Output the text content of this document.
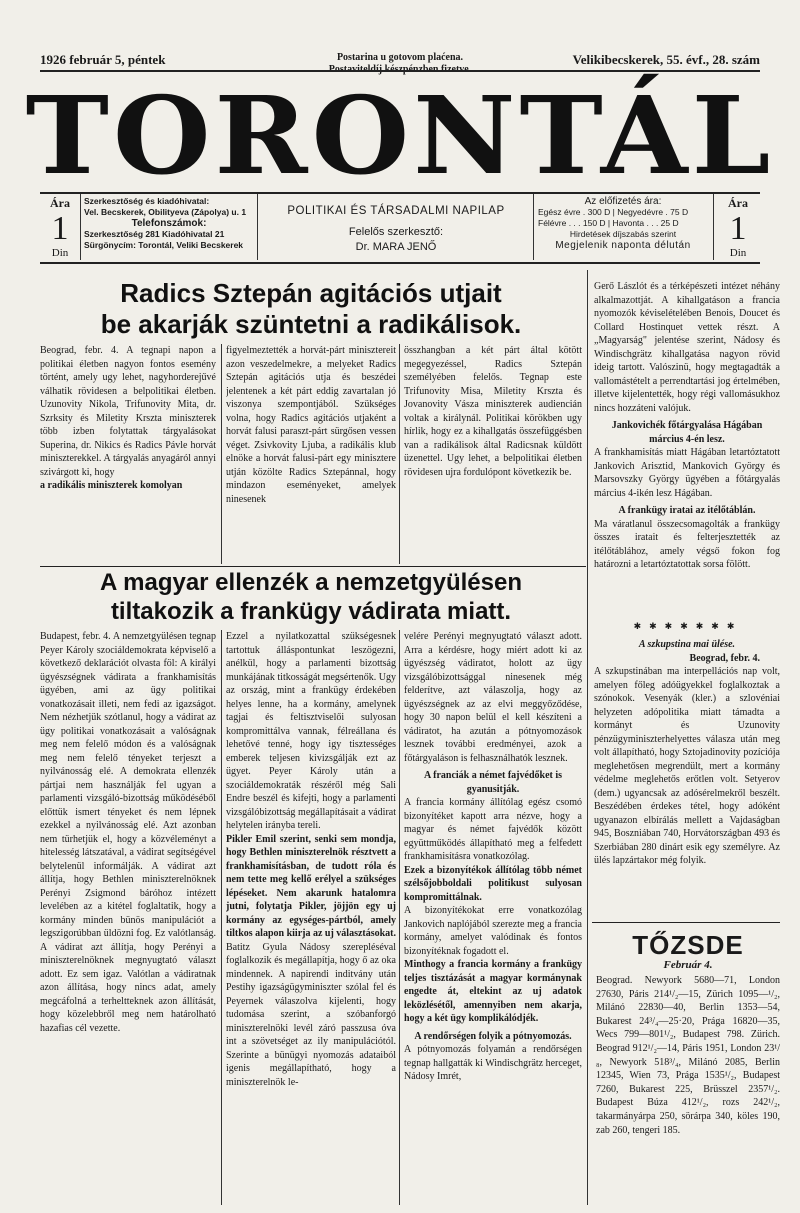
1926 február 5, péntek	Postarina u gotovom plaćena.
Postaviteldíj készpénzben fizetve.
Velikibecskerek, 55. évf., 28. szám
TORONTÁL
Ára
1
Din
Szerkesztőség és kiadóhivatal:
Vel. Becskerek, Obilityeva (Zápolya) u. 1
Telefonszámok:
Szerkesztőség 281 Kiadóhivatal 21
Sürgönycím: Torontál, Veliki Becskerek
POLITIKAI ÉS TÁRSADALMI NAPILAP
Felelős szerkesztő:
Dr. MARA JENŐ
Az előfizetés ára:
Egész évre . 300 D | Negyedévre . 75 D
Félévre . . . 150 D | Havonta . . . 25 D
Hirdetések díjszabás szerint
Megjelenik naponta délután
Ára
1
Din
Radics Sztepán agitációs utjait
be akarják szüntetni a radikálisok.

Beograd, febr. 4. A tegnapi napon a politikai életben nagyon fontos esemény történt, amely ugy lehet, nagyhorderejűvé válhatik rövidesen a belpolitikai életben. Uzunovity Nikola, Trifunovity Mita, dr. Szrksity és Miletity Krszta miniszterek több izben folytattak tárgyalásokat Superina, dr. Nikics és Radics Pávle horvát miniszterekkel. A tárgyalás anyagáról annyi szivárgott ki, hogy

a radikális miniszterek komolyan

figyelmeztették a horvát-párt minisztereit azon veszedelmekre, a melyeket Radics Sztepán agitációs utja és beszédei jelentenek a két párt eddig zavartalan jó viszonya szempontjából. Szükséges volna, hogy Radics agitációs utjaként a horvát falusi paraszt-párt sürgősen vessen véget. Zsivkovity Ljuba, a radikális klub elnöke a horvát falusi-párt egy minisztere utján közölte Radics Sztepánnal, hogy mindazon eseményeket, amelyek ninesenek

összhangban a két párt által kötött megegyezéssel, Radics Sztepán személyében felelős. Tegnap este Trifunovity Misa, Miletity Krszta és Jovanovity Vásza miniszterek audiencián voltak a királynál. Politikai körökben ugy hírlik, hogy ez a kihallgatás összefüggésben van a radikálisok által Radicsnak küldött üzenettel. Ugy lehet, a belpolitikai életben rövidesen ujra fordulópont következik be.

Gerő Lászlót és a térképészeti intézet néhány alkalmazottját. A kihallgatáson a francia nyomozók kéviselételében Benois, Doucet és Collard Hostinquet vettek részt. A „Magyarság" jelentése szerint, Nádosy és Windischgrätz kihallgatása nagyon rövid ideig tartott. Valószinü, hogy megtagadták a vallomástételt a perrendtartási jog értelmében, illetve kijelentették, hogy régi vallomásukhoz nincs hozzáteni valójuk.

Jankovichék főtárgyalása Hágában március 4-én lesz.

A frankhamisítás miatt Hágában letartóztatott Jankovich Arisztid, Mankovich György és Marsovszky György ügyében a főtárgyalás március 4-ikén lesz Hágában.

A frankügy iratai az itélőtáblán.

Ma váratlanul összecsomagolták a frankügy összes iratait és felterjesztették az itélőtáblához, amely végső fokon fog határozni a letartóztatottak sorsa fölött.

✱✱✱✱✱✱✱
A magyar ellenzék a nemzetgyülésen
tiltakozik a frankügy vádirata miatt.

Budapest, febr. 4. A nemzetgyülésen tegnap Peyer Károly szociáldemokrata képviselő a következő deklarációt olvasta föl: A királyi ügyészségnek vádirata a frankhamisítás ügyében, ami az ügy politikai vonatkozásait illeti, nem fedi az igazságot. Nem nézhetjük szótlanul, hogy a vádirat az ügy politikai vonatkozásait a valóságnak meg nem felelő módon és a valóságnak meg nem felelő tényeket terjeszt a nyilvánosság elé. A demokrata ellenzék pártjai nem használják fel ugyan a parlamenti vizsgáló-bizottság működéséből előttük ismert tényeket és nem lépnek ezekkel a nyilvánosság elé. Azt azonban nem türhetjük el, hogy a közvéleményt a hitelesség látszatával, a vádirat segítségével belytelenül informálják. A vádirat azt állítja, hogy Bethlen miniszterelnöknek Perényi Zsigmond báróhoz intézett levelében az a kitétel foglaltatik, hogy a kormány minden bünös manipulációt a legszigorúbban üldözni fog. Ez valótlanság. A vádirat azt állítja, hogy Perényi a miniszterelnöknek megnyugtató választ adott. Ez sem igaz. Valótlan a vádiratnak azon állítása, hogy nincs adat, amely megcáfolná a terheltteknek azon állítását, hogy közelebbről meg nem határolható hazafias cél vezette.

Ezzel a nyilatkozattal szükségesnek tartottuk álláspontunkat leszögezni, anélkül, hogy a parlamenti bizottság munkájának titkosságát megsértenők. Ugy az ország, mint a frankügy érdekében helyes lenne, ha a kormány, amelynek tagjai és feltisztviselői sulyosan kompromittálva vannak, félreállana és lehetővé tenné, hogy igy tisztességes emberek teljesen kivizsgálják ezt az ügyet. Peyer Károly után a szociáldemokraták részéről még Sali Endre beszél és kifejti, hogy a parlamenti vizsgálóbizottság megállapításait a vádirat helytelen irányba tereli.

Pikler Emil szerint, senki sem mondja, hogy Bethlen miniszterelnök résztvett a frankhamisításban, de tudott róla és nem tette meg kellő erélyel a szükséges lépéseket. Nem akarunk hatalomra jutni, folytatja Pikler, jöjjön egy uj kormány az egységes-pártból, amely tiltkos alapon kiirja az uj választásokat.

Batitz Gyula Nádosy szerepléséval foglalkozik és megállapítja, hogy ő az oka mindennek. A napirendi inditvány után Pestihy igazságügyminiszter szólal fel és Peyernek válaszolva kijelenti, hogy tudomása szerint, a szóbanforgó miniszterelnöki levél záró passzusa óva int a szövetséget az ily manipulációtól. Szerinte a bünügyi nyomozás adataiból igenis megállapítható, hogy a miniszterelnök le-

velére Perényi megnyugtató választ adott. Arra a kérdésre, hogy miért adott ki az ügyészség vádiratot, holott az ügy vizsgálóbizottsággal ninesenek még felderítve, azt válaszolja, hogy az ügyészségnek az az elvi meggyőződése, hogy 30 napon belül el kell készíteni a vádiratot, ha azután a pótnyomozások lesznek további eredményei, azok a főtárgyaláson is felhasználhatók lesznek.

A franciák a német fajvédőket is gyanusitják.

A francia kormány állítólag egész csomó bizonyítéket kapott arra nézve, hogy a magyar és német fajvédők között együttműködés állapítható meg a felfedett frankhamisításra vonatkozólag.

Ezek a bizonyítékok állítólag több német szélsőjobboldali politikust sulyosan kompromittálnak.

A bizonyítékokat erre vonatkozólag Jankovich naplójából szerezte meg a francia kormány, amelyet valódinak és fontos bizonyítéknak fogadott el.

Minthogy a francia kormány a frankügy teljes tisztázását a magyar kormánynak engedte át, eltekint az uj adatok leközlésétől, amennyiben nem akarja, hogy a két ügy komplikálódjék.

A rendőrségen folyik a pótnyomozás.

A pótnyomozás folyamán a rendőrségen tegnap hallgatták ki Windischgrätz herceget, Nádosy Imrét,

A szkupstina mai ülése.

Beograd, febr. 4.

A szkupstinában ma interpellációs nap volt, amelyen főleg adóügyekkel foglalkoztak a szónokok. Vesenyák (kler.) a szlovéniai helyzeten adópolitika miatt támadta a kormányt és Uzunovity pénzügyminiszterhelyettes válasza után meg volt állapítható, hogy Sztojadinovity pozíciója meglehetősen megrendült, mert a kormány védelme meglehetős erőtlen volt. Setyerov (dem.) ugyancsak az adósérelmekről beszélt. Beszédében érdekes tétel, hogy adóként ugyanazon elbírálás mellett a Vajdaságban 945, Boszniában 740, Horvátországban 493 és Szerbiában 280 dinárt esik egy személyre. Az ülés lapzártakor még folyik.

TŐZSDE
Február 4.
Beograd. Newyork 5680—71, London 27630, Páris 214¹/₂—15, Zürich 1095—¹/₂, Milánó 22830—40, Berlin 1353—54, Bukarest 24³/₄—25·20, Prága 16820—35, Wecs 799—801¹/₂, Budapest 798. Zürich. Beograd 912¹/₂—14, Páris 1951, London 23¹/₈, Newyork 518³/₄, Milánó 2085, Berlin 12345, Wien 73, Prága 1535¹/₂, Budapest 7260, Bukarest 225, Brüsszel 2357¹/₂. Budapest Búza 412¹/₂, rozs 242¹/₂, takarmányárpa 250, sörárpa 340, köles 190, zab 260, tengeri 185.
